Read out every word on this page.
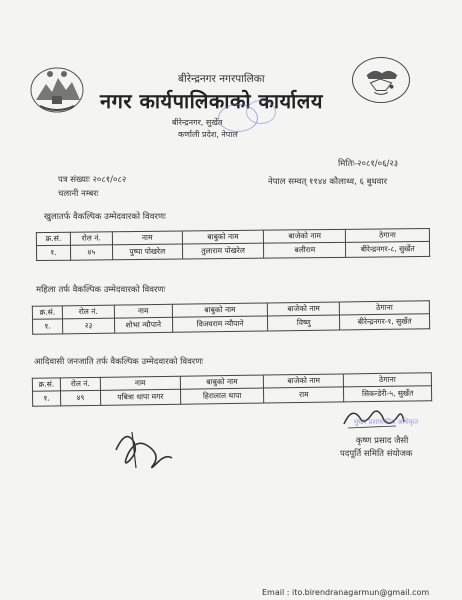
बीरेन्द्रनगर नगरपालिका
नगर कार्यपालिकाको कार्यालय
बीरेन्द्रनगर, सुर्खेत
कर्णाली प्रदेश, नेपाल
पत्र संख्याः २०८१/०८२
चलानी नम्बरः
मितिः-२०८१/०६/२३
नेपाल सम्वत् ११४४ कौलाथ्व, ६ बुधवार
खुलातर्फ वैकल्पिक उम्मेदवारको विवरणः
क्र.सं.	रोल नं.	नाम	बाबुको नाम	बाजेको नाम	ठेगाना
१.	४५	पुष्पा पोखरेल	तुलाराम पोखरेल	बलीराम	बीरेन्द्रनगर-८, सुर्खेत
महिला तर्फ वैकल्पिक उम्मेदवारको विवरणः
क्र.सं.	रोल नं.	नाम	बाबुको नाम	बाजेको नाम	ठेगाना
१.	२३	शोभा न्यौपाने	विजयराम न्यौपाने	विष्णु	बीरेन्द्रनगर-१, सुर्खेत
आदिवासी जनजाति तर्फ वैकल्पिक उम्मेदवारको विवरणः
क्र.सं.	रोल नं.	नाम	बाबुको नाम	बाजेको नाम	ठेगाना
१.	४९	पबित्रा थापा मगर	हिरालाल थापा	राम	सिकन्डेरी-५, सुर्खेत
मुख्य प्रशासकीय अधिकृत
कृष्ण प्रसाद जैसी
पदपूर्ति समिति संयोजक
Email : ito.birendranagarmun@gmail.com
